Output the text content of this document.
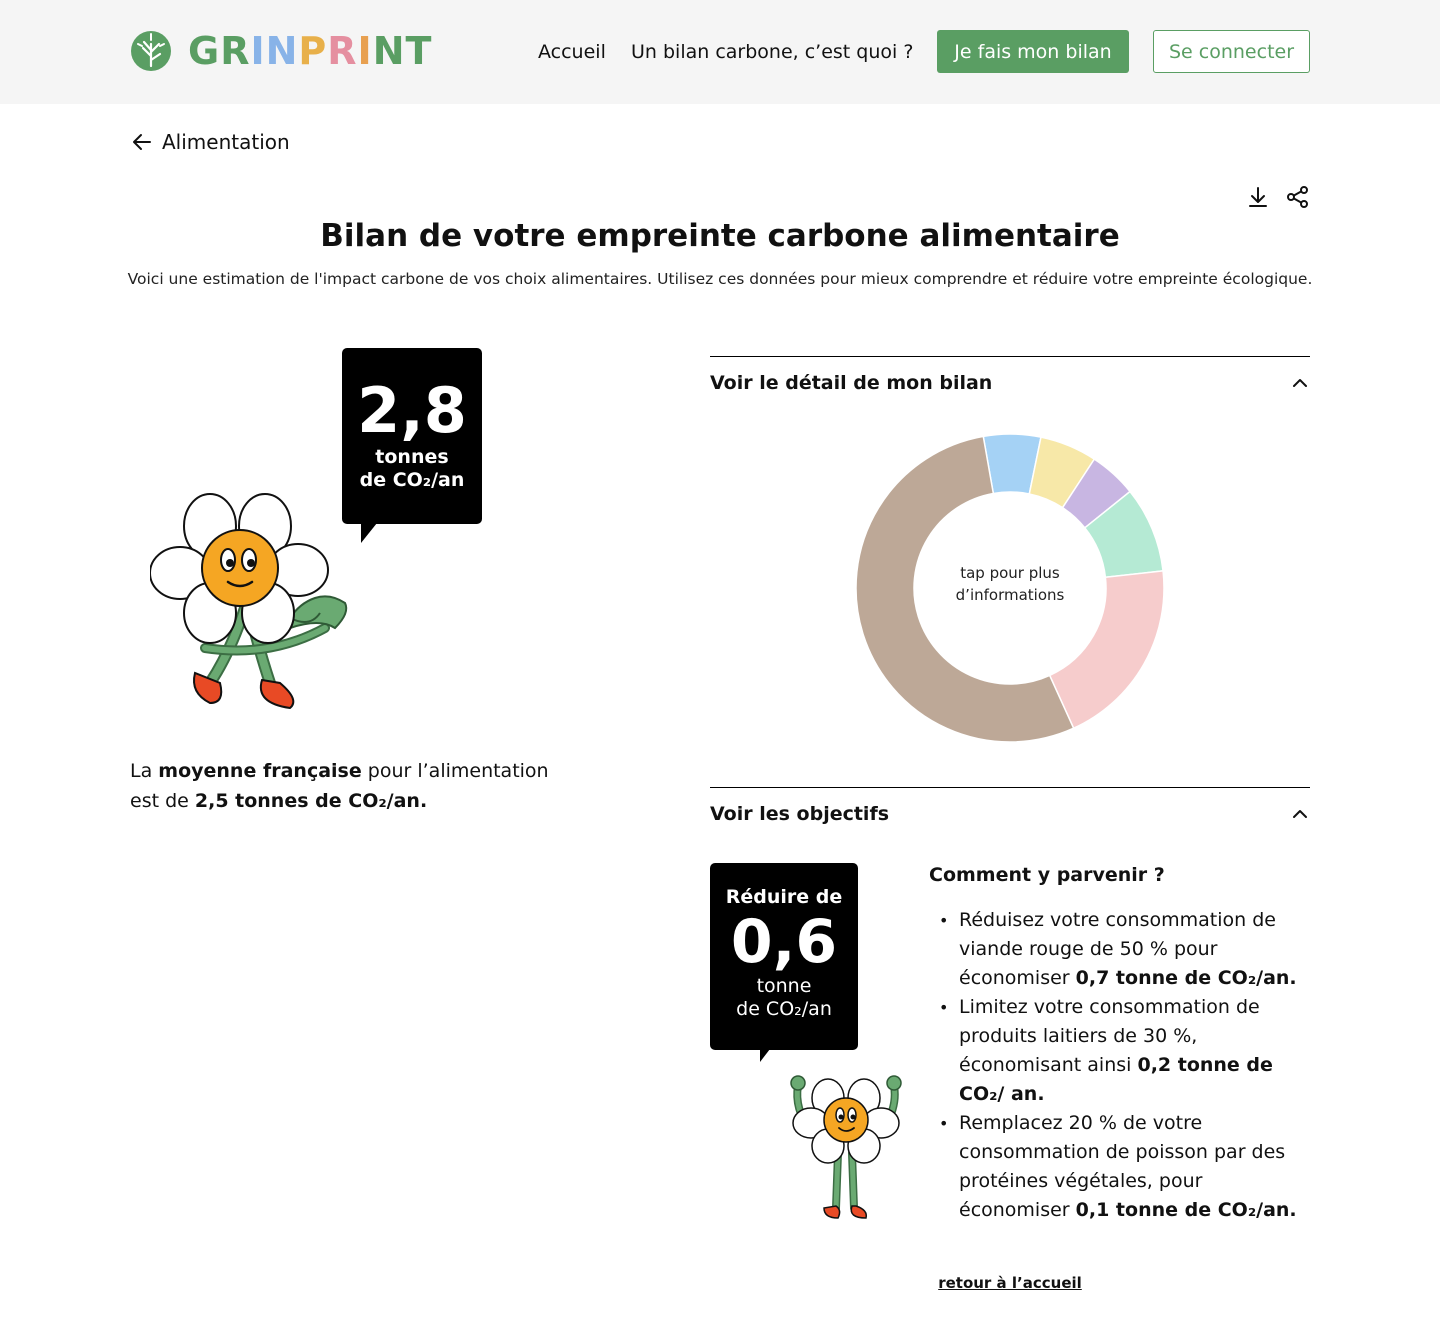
GRINPRINT	Accueil Un bilan carbone, c’est quoi ?	Je fais mon bilan	Se connecter
Alimentation
Bilan de votre empreinte carbone alimentaire

Voici une estimation de l'impact carbone de vos choix alimentaires. Utilisez ces données pour mieux comprendre et réduire votre empreinte écologique.

2,8
tonnes
de CO₂/an

La moyenne française pour l’alimentation est de 2,5 tonnes de CO₂/an.

Voir le détail de mon bilan
tap pour plus
d’informations
Voir les objectifs
Réduire de
0,6
tonne
de CO₂/an
Comment y parvenir ?
• Réduisez votre consommation de viande rouge de 50 % pour économiser 0,7 tonne de CO₂/an.
• Limitez votre consommation de produits laitiers de 30 %, économisant ainsi 0,2 tonne de CO₂/ an.
• Remplacez 20 % de votre consommation de poisson par des protéines végétales, pour économiser 0,1 tonne de CO₂/an.
retour à l’accueil
